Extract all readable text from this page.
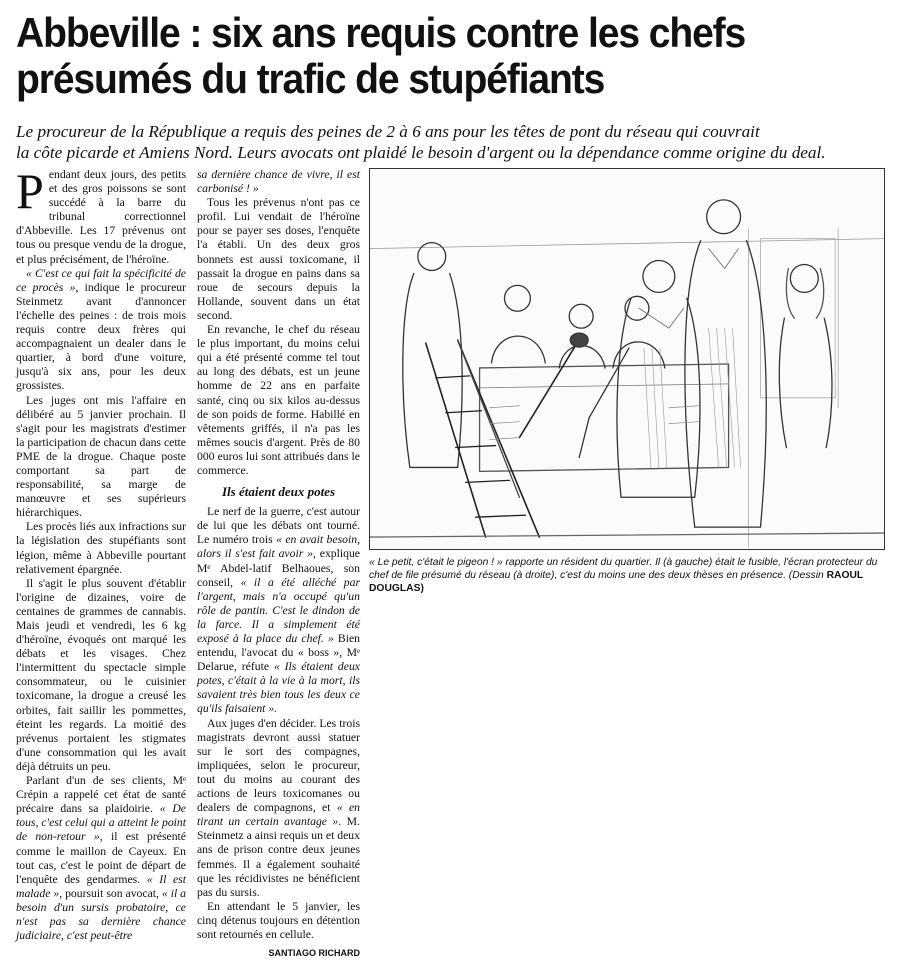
Abbeville : six ans requis contre les chefs
présumés du trafic de stupéfiants
Le procureur de la République a requis des peines de 2 à 6 ans pour les têtes de pont du réseau qui couvrait
la côte picarde et Amiens Nord. Leurs avocats ont plaidé le besoin d'argent ou la dépendance comme origine du deal.

Pendant deux jours, des petits et des gros poissons se sont succédé à la barre du tribunal correctionnel d'Abbeville. Les 17 prévenus ont tous ou presque vendu de la drogue, et plus précisément, de l'héroïne.

« C'est ce qui fait la spécificité de ce procès », indique le procureur Steinmetz avant d'annoncer l'échelle des peines : de trois mois requis contre deux frères qui accompagnaient un dealer dans le quartier, à bord d'une voiture, jusqu'à six ans, pour les deux grossistes.

Les juges ont mis l'affaire en délibéré au 5 janvier prochain. Il s'agit pour les magistrats d'estimer la participation de chacun dans cette PME de la drogue. Chaque poste comportant sa part de responsabilité, sa marge de manœuvre et ses supérieurs hiérarchiques.

Les procès liés aux infractions sur la législation des stupéfiants sont légion, même à Abbeville pourtant relativement épargnée.

Il s'agit le plus souvent d'établir l'origine de dizaines, voire de centaines de grammes de cannabis. Mais jeudi et vendredi, les 6 kg d'héroïne, évoqués ont marqué les débats et les visages. Chez l'intermittent du spectacle simple consommateur, ou le cuisinier toxicomane, la drogue a creusé les orbites, fait saillir les pommettes, éteint les regards. La moitié des prévenus portaient les stigmates d'une consommation qui les avait déjà détruits un peu.

Parlant d'un de ses clients, Mᵉ Crépin a rappelé cet état de santé précaire dans sa plaidoirie. « De tous, c'est celui qui a atteint le point de non-retour », il est présenté comme le maillon de Cayeux. En tout cas, c'est le point de départ de l'enquête des gendarmes. « Il est malade », poursuit son avocat, « il a besoin d'un sursis probatoire, ce n'est pas sa dernière chance judiciaire, c'est peut-être

sa dernière chance de vivre, il est carbonisé ! »

Tous les prévenus n'ont pas ce profil. Lui vendait de l'héroïne pour se payer ses doses, l'enquête l'a établi. Un des deux gros bonnets est aussi toxicomane, il passait la drogue en pains dans sa roue de secours depuis la Hollande, souvent dans un état second.

En revanche, le chef du réseau le plus important, du moins celui qui a été présenté comme tel tout au long des débats, est un jeune homme de 22 ans en parfaite santé, cinq ou six kilos au-dessus de son poids de forme. Habillé en vêtements griffés, il n'a pas les mêmes soucis d'argent. Près de 80 000 euros lui sont attribués dans le commerce.

Ils étaient deux potes

Le nerf de la guerre, c'est autour de lui que les débats ont tourné. Le numéro trois « en avait besoin, alors il s'est fait avoir », explique Mᵉ Abdel-latif Belhaoues, son conseil, « il a été alléché par l'argent, mais n'a occupé qu'un rôle de pantin. C'est le dindon de la farce. Il a simplement été exposé à la place du chef. » Bien entendu, l'avocat du « boss », Mᵉ Delarue, réfute « Ils étaient deux potes, c'était à la vie à la mort, ils savaient très bien tous les deux ce qu'ils faisaient ».

Aux juges d'en décider. Les trois magistrats devront aussi statuer sur le sort des compagnes, impliquées, selon le procureur, tout du moins au courant des actions de leurs toxicomanes ou dealers de compagnons, et « en tirant un certain avantage ». M. Steinmetz a ainsi requis un et deux ans de prison contre deux jeunes femmes. Il a également souhaité que les récidivistes ne bénéficient pas du sursis.

En attendant le 5 janvier, les cinq détenus toujours en détention sont retournés en cellule.

SANTIAGO RICHARD
« Le petit, c'était le pigeon ! » rapporte un résident du quartier. Il (à gauche) était le fusible, l'écran protecteur du chef de file présumé du réseau (à droite), c'est du moins une des deux thèses en présence. (Dessin RAOUL DOUGLAS)
